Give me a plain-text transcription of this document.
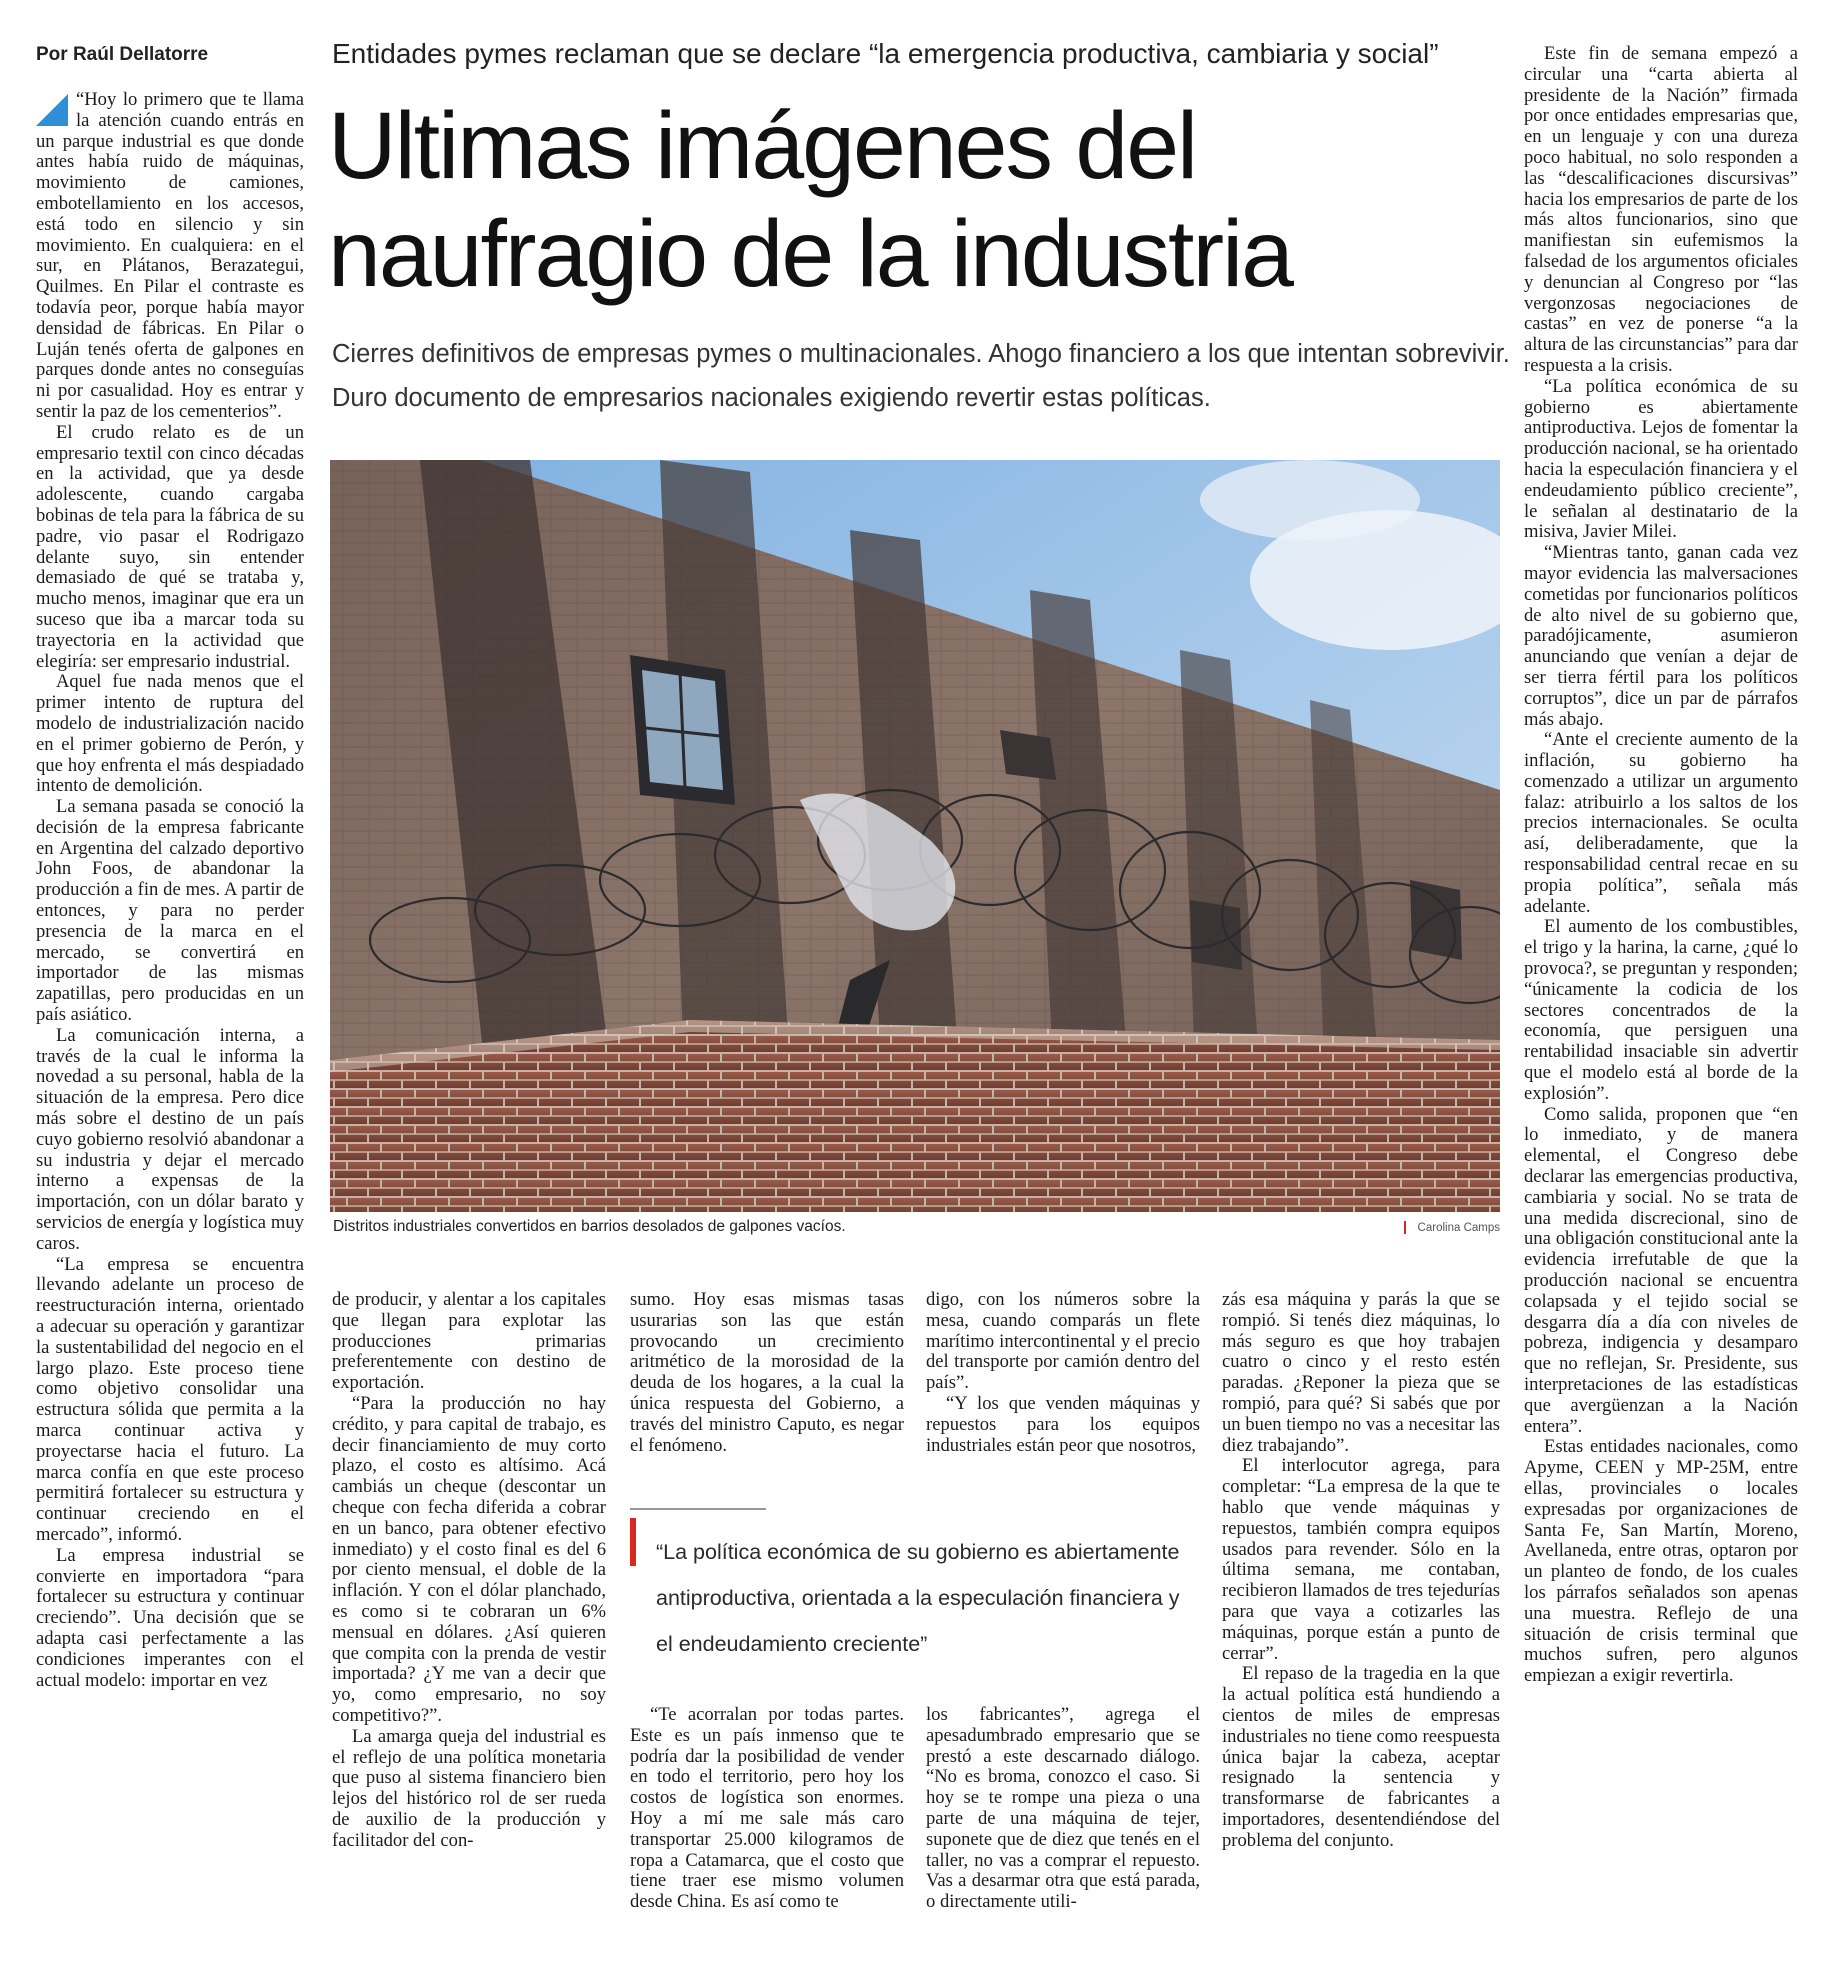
Por Raúl Dellatorre

“Hoy lo primero que te llama la atención cuando entrás en un parque industrial es que donde antes había ruido de máquinas, movimiento de camiones, embotellamiento en los accesos, está todo en silencio y sin movimiento. En cualquiera: en el sur, en Plátanos, Berazategui, Quilmes. En Pilar el contraste es todavía peor, porque había mayor densidad de fábricas. En Pilar o Luján tenés oferta de galpones en parques donde antes no conseguías ni por casualidad. Hoy es entrar y sentir la paz de los cementerios”.

El crudo relato es de un empresario textil con cinco décadas en la actividad, que ya desde adolescente, cuando cargaba bobinas de tela para la fábrica de su padre, vio pasar el Rodrigazo delante suyo, sin entender demasiado de qué se trataba y, mucho menos, imaginar que era un suceso que iba a marcar toda su trayectoria en la actividad que elegiría: ser empresario industrial.

Aquel fue nada menos que el primer intento de ruptura del modelo de industrialización nacido en el primer gobierno de Perón, y que hoy enfrenta el más despiadado intento de demolición.

La semana pasada se conoció la decisión de la empresa fabricante en Argentina del calzado deportivo John Foos, de abandonar la producción a fin de mes. A partir de entonces, y para no perder presencia de la marca en el mercado, se convertirá en importador de las mismas zapatillas, pero producidas en un país asiático.

La comunicación interna, a través de la cual le informa la novedad a su personal, habla de la situación de la empresa. Pero dice más sobre el destino de un país cuyo gobierno resolvió abandonar a su industria y dejar el mercado interno a expensas de la importación, con un dólar barato y servicios de energía y logística muy caros.

“La empresa se encuentra llevando adelante un proceso de reestructuración interna, orientado a adecuar su operación y garantizar la sustentabilidad del negocio en el largo plazo. Este proceso tiene como objetivo consolidar una estructura sólida que permita a la marca continuar activa y proyectarse hacia el futuro. La marca confía en que este proceso permitirá fortalecer su estructura y continuar creciendo en el mercado”, informó.

La empresa industrial se convierte en importadora “para fortalecer su estructura y continuar creciendo”. Una decisión que se adapta casi perfectamente a las condiciones imperantes con el actual modelo: importar en vez

Entidades pymes reclaman que se declare “la emergencia productiva, cambiaria y social”
Ultimas imágenes del
naufragio de la industria
Cierres definitivos de empresas pymes o multinacionales. Ahogo financiero a los que intentan sobrevivir. Duro documento de empresarios nacionales exigiendo revertir estas políticas.
Distritos industriales convertidos en barrios desolados de galpones vacíos.	Carolina Camps

de producir, y alentar a los capitales que llegan para explotar las producciones primarias preferentemente con destino de exportación.

“Para la producción no hay crédito, y para capital de trabajo, es decir financiamiento de muy corto plazo, el costo es altísimo. Acá cambiás un cheque (descontar un cheque con fecha diferida a cobrar en un banco, para obtener efectivo inmediato) y el costo final es del 6 por ciento mensual, el doble de la inflación. Y con el dólar planchado, es como si te cobraran un 6% mensual en dólares. ¿Así quieren que compita con la prenda de vestir importada? ¿Y me van a decir que yo, como empresario, no soy competitivo?”.

La amarga queja del industrial es el reflejo de una política monetaria que puso al sistema financiero bien lejos del histórico rol de ser rueda de auxilio de la producción y facilitador del con-

sumo. Hoy esas mismas tasas usurarias son las que están provocando un crecimiento aritmético de la morosidad de la deuda de los hogares, a la cual la única respuesta del Gobierno, a través del ministro Caputo, es negar el fenómeno.

digo, con los números sobre la mesa, cuando comparás un flete marítimo intercontinental y el precio del transporte por camión dentro del país”.

“Y los que venden máquinas y repuestos para los equipos industriales están peor que nosotros,

“La política económica de su gobierno es abiertamente antiproductiva, orientada a la especulación financiera y el endeudamiento creciente”

“Te acorralan por todas partes. Este es un país inmenso que te podría dar la posibilidad de vender en todo el territorio, pero hoy los costos de logística son enormes. Hoy a mí me sale más caro transportar 25.000 kilogramos de ropa a Catamarca, que el costo que tiene traer ese mismo volumen desde China. Es así como te

los fabricantes”, agrega el apesadumbrado empresario que se prestó a este descarnado diálogo. “No es broma, conozco el caso. Si hoy se te rompe una pieza o una parte de una máquina de tejer, suponete que de diez que tenés en el taller, no vas a comprar el repuesto. Vas a desarmar otra que está parada, o directamente utili-

zás esa máquina y parás la que se rompió. Si tenés diez máquinas, lo más seguro es que hoy trabajen cuatro o cinco y el resto estén paradas. ¿Reponer la pieza que se rompió, para qué? Si sabés que por un buen tiempo no vas a necesitar las diez trabajando”.

El interlocutor agrega, para completar: “La empresa de la que te hablo que vende máquinas y repuestos, también compra equipos usados para revender. Sólo en la última semana, me contaban, recibieron llamados de tres tejedurías para que vaya a cotizarles las máquinas, porque están a punto de cerrar”.

El repaso de la tragedia en la que la actual política está hundiendo a cientos de miles de empresas industriales no tiene como reespuesta única bajar la cabeza, aceptar resignado la sentencia y transformarse de fabricantes a importadores, desentendiéndose del problema del conjunto.

Este fin de semana empezó a circular una “carta abierta al presidente de la Nación” firmada por once entidades empresarias que, en un lenguaje y con una dureza poco habitual, no solo responden a las “descalificaciones discursivas” hacia los empresarios de parte de los más altos funcionarios, sino que manifiestan sin eufemismos la falsedad de los argumentos oficiales y denuncian al Congreso por “las vergonzosas negociaciones de castas” en vez de ponerse “a la altura de las circunstancias” para dar respuesta a la crisis.

“La política económica de su gobierno es abiertamente antiproductiva. Lejos de fomentar la producción nacional, se ha orientado hacia la especulación financiera y el endeudamiento público creciente”, le señalan al destinatario de la misiva, Javier Milei.

“Mientras tanto, ganan cada vez mayor evidencia las malversaciones cometidas por funcionarios políticos de alto nivel de su gobierno que, paradójicamente, asumieron anunciando que venían a dejar de ser tierra fértil para los políticos corruptos”, dice un par de párrafos más abajo.

“Ante el creciente aumento de la inflación, su gobierno ha comenzado a utilizar un argumento falaz: atribuirlo a los saltos de los precios internacionales. Se oculta así, deliberadamente, que la responsabilidad central recae en su propia política”, señala más adelante.

El aumento de los combustibles, el trigo y la harina, la carne, ¿qué lo provoca?, se preguntan y responden; “únicamente la codicia de los sectores concentrados de la economía, que persiguen una rentabilidad insaciable sin advertir que el modelo está al borde de la explosión”.

Como salida, proponen que “en lo inmediato, y de manera elemental, el Congreso debe declarar las emergencias productiva, cambiaria y social. No se trata de una medida discrecional, sino de una obligación constitucional ante la evidencia irrefutable de que la producción nacional se encuentra colapsada y el tejido social se desgarra día a día con niveles de pobreza, indigencia y desamparo que no reflejan, Sr. Presidente, sus interpretaciones de las estadísticas que avergüenzan a la Nación entera”.

Estas entidades nacionales, como Apyme, CEEN y MP-25M, entre ellas, provinciales o locales expresadas por organizaciones de Santa Fe, San Martín, Moreno, Avellaneda, entre otras, optaron por un planteo de fondo, de los cuales los párrafos señalados son apenas una muestra. Reflejo de una situación de crisis terminal que muchos sufren, pero algunos empiezan a exigir revertirla.
